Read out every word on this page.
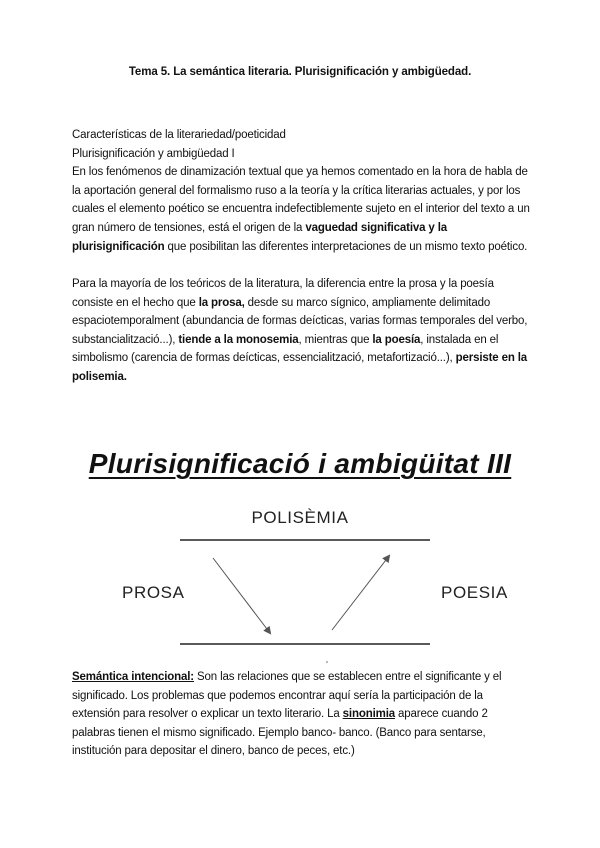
Tema 5. La semántica literaria. Plurisignificación y ambigüedad.

Características de la literariedad/poeticidad

Plurisignificación y ambigüedad I

En los fenómenos de dinamización textual que ya hemos comentado en la hora de habla de la aportación general del formalismo ruso a la teoría y la crítica literarias actuales, y por los cuales el elemento poético se encuentra indefectiblemente sujeto en el interior del texto a un gran número de tensiones, está el origen de la vaguedad significativa y la plurisignificación que posibilitan las diferentes interpretaciones de un mismo texto poético.

Para la mayoría de los teóricos de la literatura, la diferencia entre la prosa y la poesía consiste en el hecho que la prosa, desde su marco sígnico, ampliamente delimitado espaciotemporalment (abundancia de formas deícticas, varias formas temporales del verbo, substancialització...), tiende a la monosemia, mientras que la poesía, instalada en el simbolismo (carencia de formas deícticas, essencialització, metafortizació...), persiste en la polisemia.

Plurisignificació i ambigüitat III
POLISÈMIA
PROSA	POESIA

Semántica intencional: Son las relaciones que se establecen entre el significante y el significado. Los problemas que podemos encontrar aquí sería la participación de la extensión para resolver o explicar un texto literario. La sinonimia aparece cuando 2 palabras tienen el mismo significado. Ejemplo banco- banco. (Banco para sentarse, institución para depositar el dinero, banco de peces, etc.)
